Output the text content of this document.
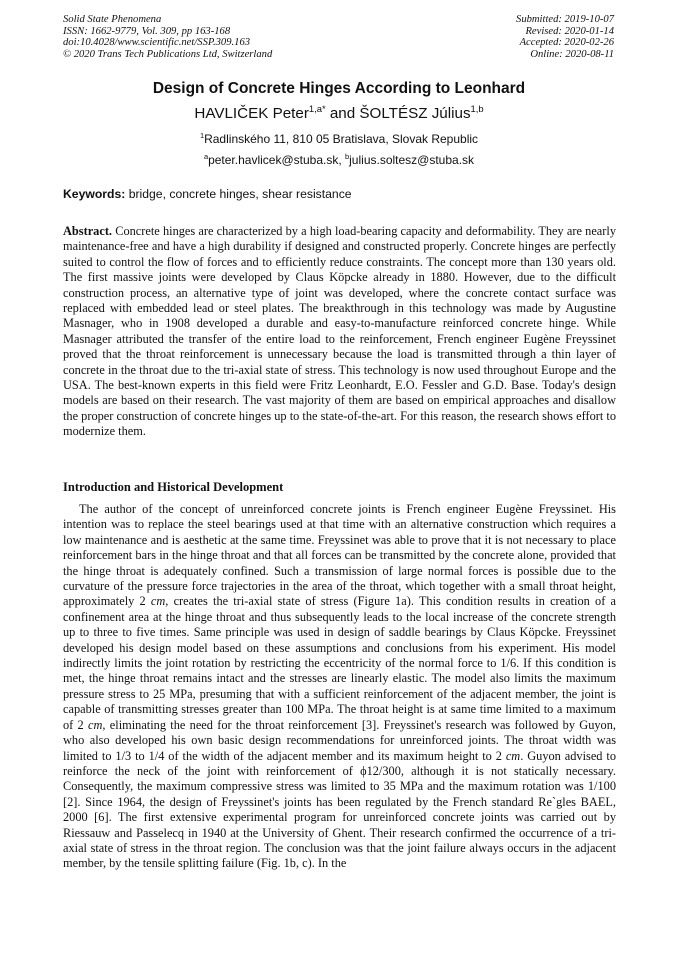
Solid State Phenomena
ISSN: 1662-9779, Vol. 309, pp 163-168
doi:10.4028/www.scientific.net/SSP.309.163
© 2020 Trans Tech Publications Ltd, Switzerland
Submitted: 2019-10-07
Revised: 2020-01-14
Accepted: 2020-02-26
Online: 2020-08-11
Design of Concrete Hinges According to Leonhard
HAVLIČEK Peter$^{1,a*}$ and ŠOLTÉSZ Július$^{1,b}$
$^1$Radlinského 11, 810 05 Bratislava, Slovak Republic
$^a$peter.havlicek@stuba.sk, $^b$julius.soltesz@stuba.sk
Keywords: bridge, concrete hinges, shear resistance

Abstract. Concrete hinges are characterized by a high load-bearing capacity and deformability. They are nearly maintenance-free and have a high durability if designed and constructed properly. Concrete hinges are perfectly suited to control the flow of forces and to efficiently reduce constraints. The concept more than 130 years old. The first massive joints were developed by Claus Köpcke already in 1880. However, due to the difficult construction process, an alternative type of joint was developed, where the concrete contact surface was replaced with embedded lead or steel plates. The breakthrough in this technology was made by Augustine Masnager, who in 1908 developed a durable and easy-to-manufacture reinforced concrete hinge. While Masnager attributed the transfer of the entire load to the reinforcement, French engineer Eugène Freyssinet proved that the throat reinforcement is unnecessary because the load is transmitted through a thin layer of concrete in the throat due to the tri-axial state of stress. This technology is now used throughout Europe and the USA. The best-known experts in this field were Fritz Leonhardt, E.O. Fessler and G.D. Base. Today's design models are based on their research. The vast majority of them are based on empirical approaches and disallow the proper construction of concrete hinges up to the state-of-the-art. For this reason, the research shows effort to modernize them.

Introduction and Historical Development

The author of the concept of unreinforced concrete joints is French engineer Eugène Freyssinet. His intention was to replace the steel bearings used at that time with an alternative construction which requires a low maintenance and is aesthetic at the same time. Freyssinet was able to prove that it is not necessary to place reinforcement bars in the hinge throat and that all forces can be transmitted by the concrete alone, provided that the hinge throat is adequately confined. Such a transmission of large normal forces is possible due to the curvature of the pressure force trajectories in the area of the throat, which together with a small throat height, approximately 2 cm, creates the tri-axial state of stress (Figure 1a). This condition results in creation of a confinement area at the hinge throat and thus subsequently leads to the local increase of the concrete strength up to three to five times. Same principle was used in design of saddle bearings by Claus Köpcke. Freyssinet developed his design model based on these assumptions and conclusions from his experiment. His model indirectly limits the joint rotation by restricting the eccentricity of the normal force to 1/6. If this condition is met, the hinge throat remains intact and the stresses are linearly elastic. The model also limits the maximum pressure stress to 25 MPa, presuming that with a sufficient reinforcement of the adjacent member, the joint is capable of transmitting stresses greater than 100 MPa. The throat height is at same time limited to a maximum of 2 cm, eliminating the need for the throat reinforcement [3]. Freyssinet's research was followed by Guyon, who also developed his own basic design recommendations for unreinforced joints. The throat width was limited to 1/3 to 1/4 of the width of the adjacent member and its maximum height to 2 cm. Guyon advised to reinforce the neck of the joint with reinforcement of ϕ12/300, although it is not statically necessary. Consequently, the maximum compressive stress was limited to 35 MPa and the maximum rotation was 1/100 [2]. Since 1964, the design of Freyssinet's joints has been regulated by the French standard Re`gles BAEL, 2000 [6]. The first extensive experimental program for unreinforced concrete joints was carried out by Riessauw and Passelecq in 1940 at the University of Ghent. Their research confirmed the occurrence of a tri-axial state of stress in the throat region. The conclusion was that the joint failure always occurs in the adjacent member, by the tensile splitting failure (Fig. 1b, c). In the
